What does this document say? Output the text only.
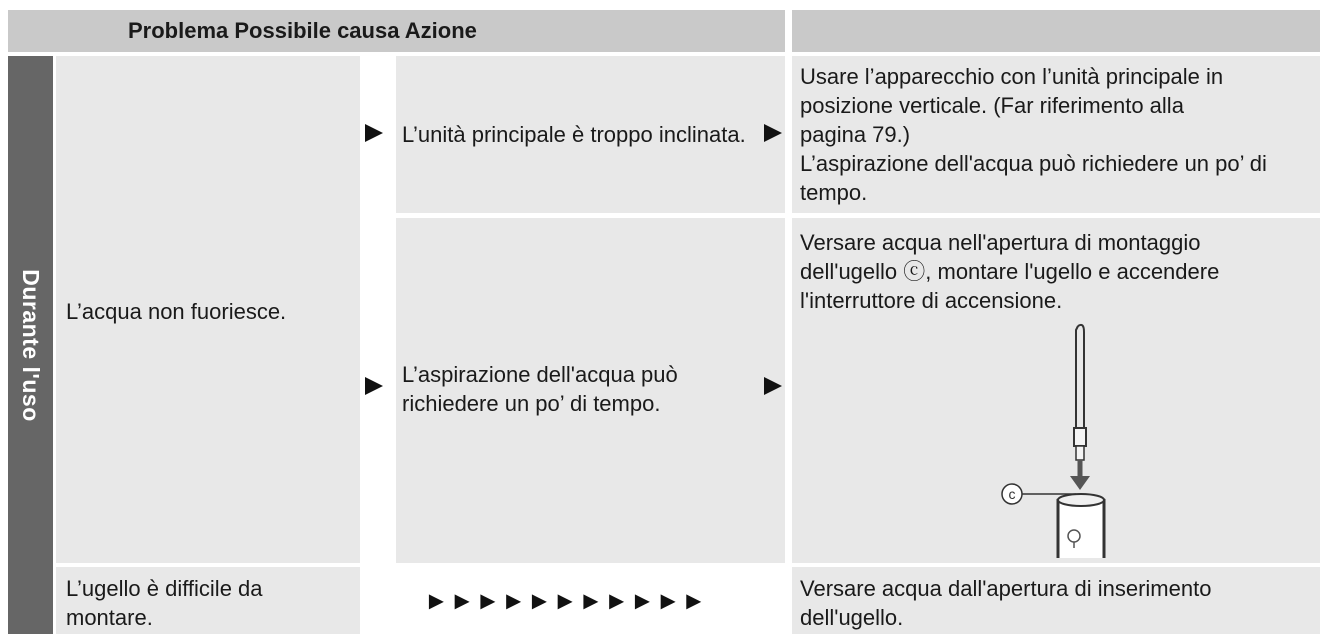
Problema Possibile causa Azione
Durante l'uso L’acqua non fuoriesce.
L’unità principale è troppo inclinata.
Usare l’apparecchio con l’unità principale in
posizione verticale. (Far riferimento alla
pagina 79.)
L’aspirazione dell'acqua può richiedere un po’ di
tempo.
L’aspirazione dell'acqua può
richiedere un po’ di tempo.
Versare acqua nell'apertura di montaggio
dell'ugello ⓒ, montare l'ugello e accendere
l'interruttore di accensione.
c
L’ugello è difficile da
montare.
►►►►►►►►►►►	Versare acqua dall'apertura di inserimento
dell'ugello.
